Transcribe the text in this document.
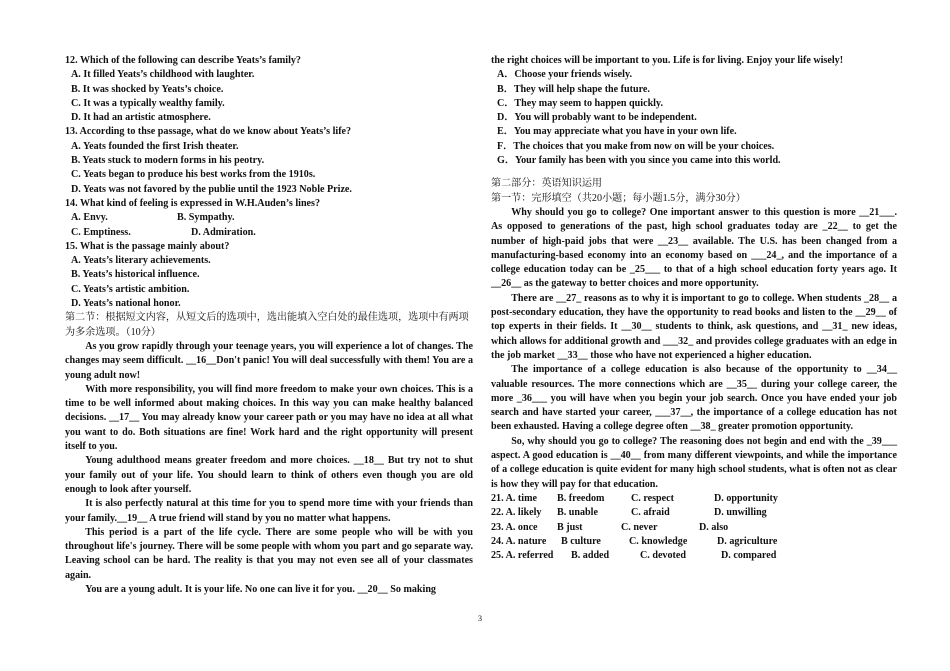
12. Which of the following can describe Yeats’s family?

A. It filled Yeats’s childhood with laughter.

B. It was shocked by Yeats’s choice.

C. It was a typically wealthy family.

D. It had an artistic atmosphere.

13. According to thse passage, what do we know about Yeats’s life?

A. Yeats founded the first Irish theater.

B. Yeats stuck to modern forms in his peotry.

C. Yeats began to produce his best works from the 1910s.

D. Yeats was not favored by the publie until the 1923 Noble Prize.

14. What kind of feeling is expressed in W.H.Auden’s lines?

A. Envy.	B. Sympathy.

C. Emptiness.	D. Admiration.

15. What is the passage mainly about?

A. Yeats’s literary achievements.

B. Yeats’s historical influence.

C. Yeats’s artistic ambition.

D. Yeats’s national honor.

第二节：根据短文内容，从短文后的选项中，选出能填入空白处的最佳选项，选项中有两项为多余选项。（10分）

As you grow rapidly through your teenage years, you will experience a lot of changes. The changes may seem difficult. __16__Don't panic! You will deal successfully with them! You are a young adult now!

With more responsibility, you will find more freedom to make your own choices. This is a time to be well informed about making choices. In this way you can make healthy balanced decisions. __17__ You may already know your career path or you may have no idea at all what you want to do. Both situations are fine! Work hard and the right opportunity will present itself to you.

Young adulthood means greater freedom and more choices. __18__ But try not to shut your family out of your life. You should learn to think of others even though you are old enough to look after yourself.

It is also perfectly natural at this time for you to spend more time with your friends than your family.__19__ A true friend will stand by you no matter what happens.

This period is a part of the life cycle. There are some people who will be with you throughout life's journey. There will be some people with whom you part and go separate way. Leaving school can be hard. The reality is that you may not even see all of your classmates again.

You are a young adult. It is your life. No one can live it for you. __20__ So making

the right choices will be important to you. Life is for living. Enjoy your life wisely!

A．Choose your friends wisely.

B．They will help shape the future.

C．They may seem to happen quickly.

D．You will probably want to be independent.

E．You may appreciate what you have in your own life.

F．The choices that you make from now on will be your choices.

G．Your family has been with you since you came into this world.

第二部分：英语知识运用

第一节：完形填空（共20小题；每小题1.5分，满分30分）

Why should you go to college? One important answer to this question is more __21___. As opposed to generations of the past, high school graduates today are _22__ to get the number of high-paid jobs that were __23__ available. The U.S. has been changed from a manufacturing-based economy into an economy based on ___24_, and the importance of a college education today can be _25___ to that of a high school education forty years ago. It __26__ as the gateway to better choices and more opportunity.

There are __27_ reasons as to why it is important to go to college. When students _28__ a post-secondary education, they have the opportunity to read books and listen to the __29__ of top experts in their fields. It __30__ students to think, ask questions, and __31_ new ideas, which allows for additional growth and ___32_ and provides college graduates with an edge in the job market __33__ those who have not experienced a higher education.

The importance of a college education is also because of the opportunity to __34__ valuable resources. The more connections which are __35__ during your college career, the more _36___ you will have when you begin your job search. Once you have ended your job search and have started your career, ___37__, the importance of a college education has not been exhausted. Having a college degree often __38_ greater promotion opportunity.

So, why should you go to college? The reasoning does not begin and end with the _39___ aspect. A good education is __40__ from many different viewpoints, and while the importance of a college education is quite evident for many high school students, what is often not as clear is how they will pay for that education.

21. A. time B. freedom	C. respect	D. opportunity

22. A. likely B. unable	C. afraid	D. unwilling

23. A. once B just	C. never	D. also

24. A. nature B culture	C. knowledge	D. agriculture

25. A. referred B. added	C. devoted	D. compared

3
